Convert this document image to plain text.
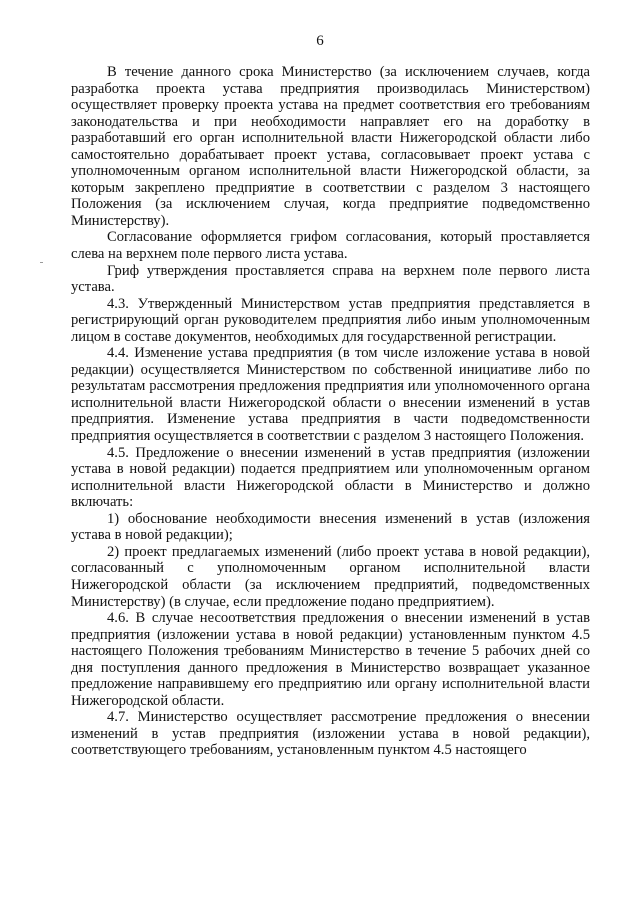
6

В течение данного срока Министерство (за исключением случаев, когда разработка проекта устава предприятия производилась Министерством) осуществляет проверку проекта устава на предмет соответствия его требованиям законодательства и при необходимости направляет его на доработку в разработавший его орган исполнительной власти Нижегородской области либо самостоятельно дорабатывает проект устава, согласовывает проект устава с уполномоченным органом исполнительной власти Нижегородской области, за которым закреплено предприятие в соответствии с разделом 3 настоящего Положения (за исключением случая, когда предприятие подведомственно Министерству).

Согласование оформляется грифом согласования, который проставляется слева на верхнем поле первого листа устава.

Гриф утверждения проставляется справа на верхнем поле первого листа устава.

4.3. Утвержденный Министерством устав предприятия представляется в регистрирующий орган руководителем предприятия либо иным уполномоченным лицом в составе документов, необходимых для государственной регистрации.

4.4. Изменение устава предприятия (в том числе изложение устава в новой редакции) осуществляется Министерством по собственной инициативе либо по результатам рассмотрения предложения предприятия или уполномоченного органа исполнительной власти Нижегородской области о внесении изменений в устав предприятия. Изменение устава предприятия в части подведомственности предприятия осуществляется в соответствии с разделом 3 настоящего Положения.

4.5. Предложение о внесении изменений в устав предприятия (изложении устава в новой редакции) подается предприятием или уполномоченным органом исполнительной власти Нижегородской области в Министерство и должно включать:

1) обоснование необходимости внесения изменений в устав (изложения устава в новой редакции);

2) проект предлагаемых изменений (либо проект устава в новой редакции), согласованный с уполномоченным органом исполнительной власти Нижегородской области (за исключением предприятий, подведомственных Министерству) (в случае, если предложение подано предприятием).

4.6. В случае несоответствия предложения о внесении изменений в устав предприятия (изложении устава в новой редакции) установленным пунктом 4.5 настоящего Положения требованиям Министерство в течение 5 рабочих дней со дня поступления данного предложения в Министерство возвращает указанное предложение направившему его предприятию или органу исполнительной власти Нижегородской области.

4.7. Министерство осуществляет рассмотрение предложения о внесении изменений в устав предприятия (изложении устава в новой редакции), соответствующего требованиям, установленным пунктом 4.5 настоящего
